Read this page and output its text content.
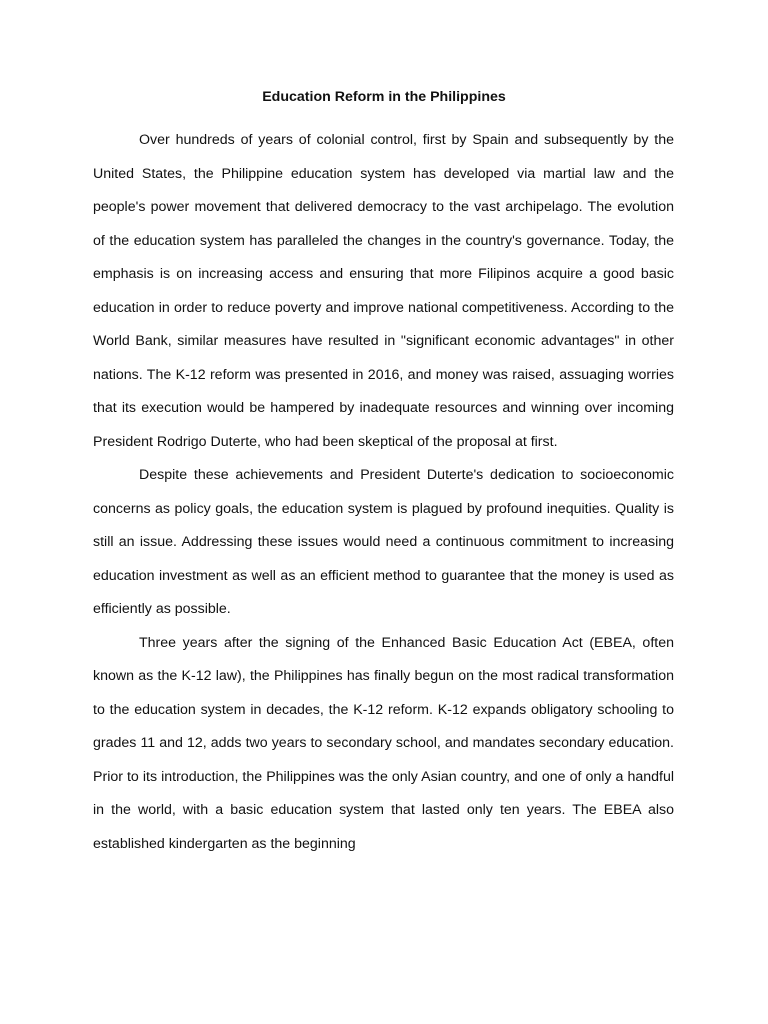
Education Reform in the Philippines

Over hundreds of years of colonial control, first by Spain and subsequently by the United States, the Philippine education system has developed via martial law and the people's power movement that delivered democracy to the vast archipelago. The evolution of the education system has paralleled the changes in the country's governance. Today, the emphasis is on increasing access and ensuring that more Filipinos acquire a good basic education in order to reduce poverty and improve national competitiveness. According to the World Bank, similar measures have resulted in "significant economic advantages" in other nations. The K-12 reform was presented in 2016, and money was raised, assuaging worries that its execution would be hampered by inadequate resources and winning over incoming President Rodrigo Duterte, who had been skeptical of the proposal at first.

Despite these achievements and President Duterte's dedication to socioeconomic concerns as policy goals, the education system is plagued by profound inequities. Quality is still an issue. Addressing these issues would need a continuous commitment to increasing education investment as well as an efficient method to guarantee that the money is used as efficiently as possible.

Three years after the signing of the Enhanced Basic Education Act (EBEA, often known as the K-12 law), the Philippines has finally begun on the most radical transformation to the education system in decades, the K-12 reform. K-12 expands obligatory schooling to grades 11 and 12, adds two years to secondary school, and mandates secondary education. Prior to its introduction, the Philippines was the only Asian country, and one of only a handful in the world, with a basic education system that lasted only ten years. The EBEA also established kindergarten as the beginning
